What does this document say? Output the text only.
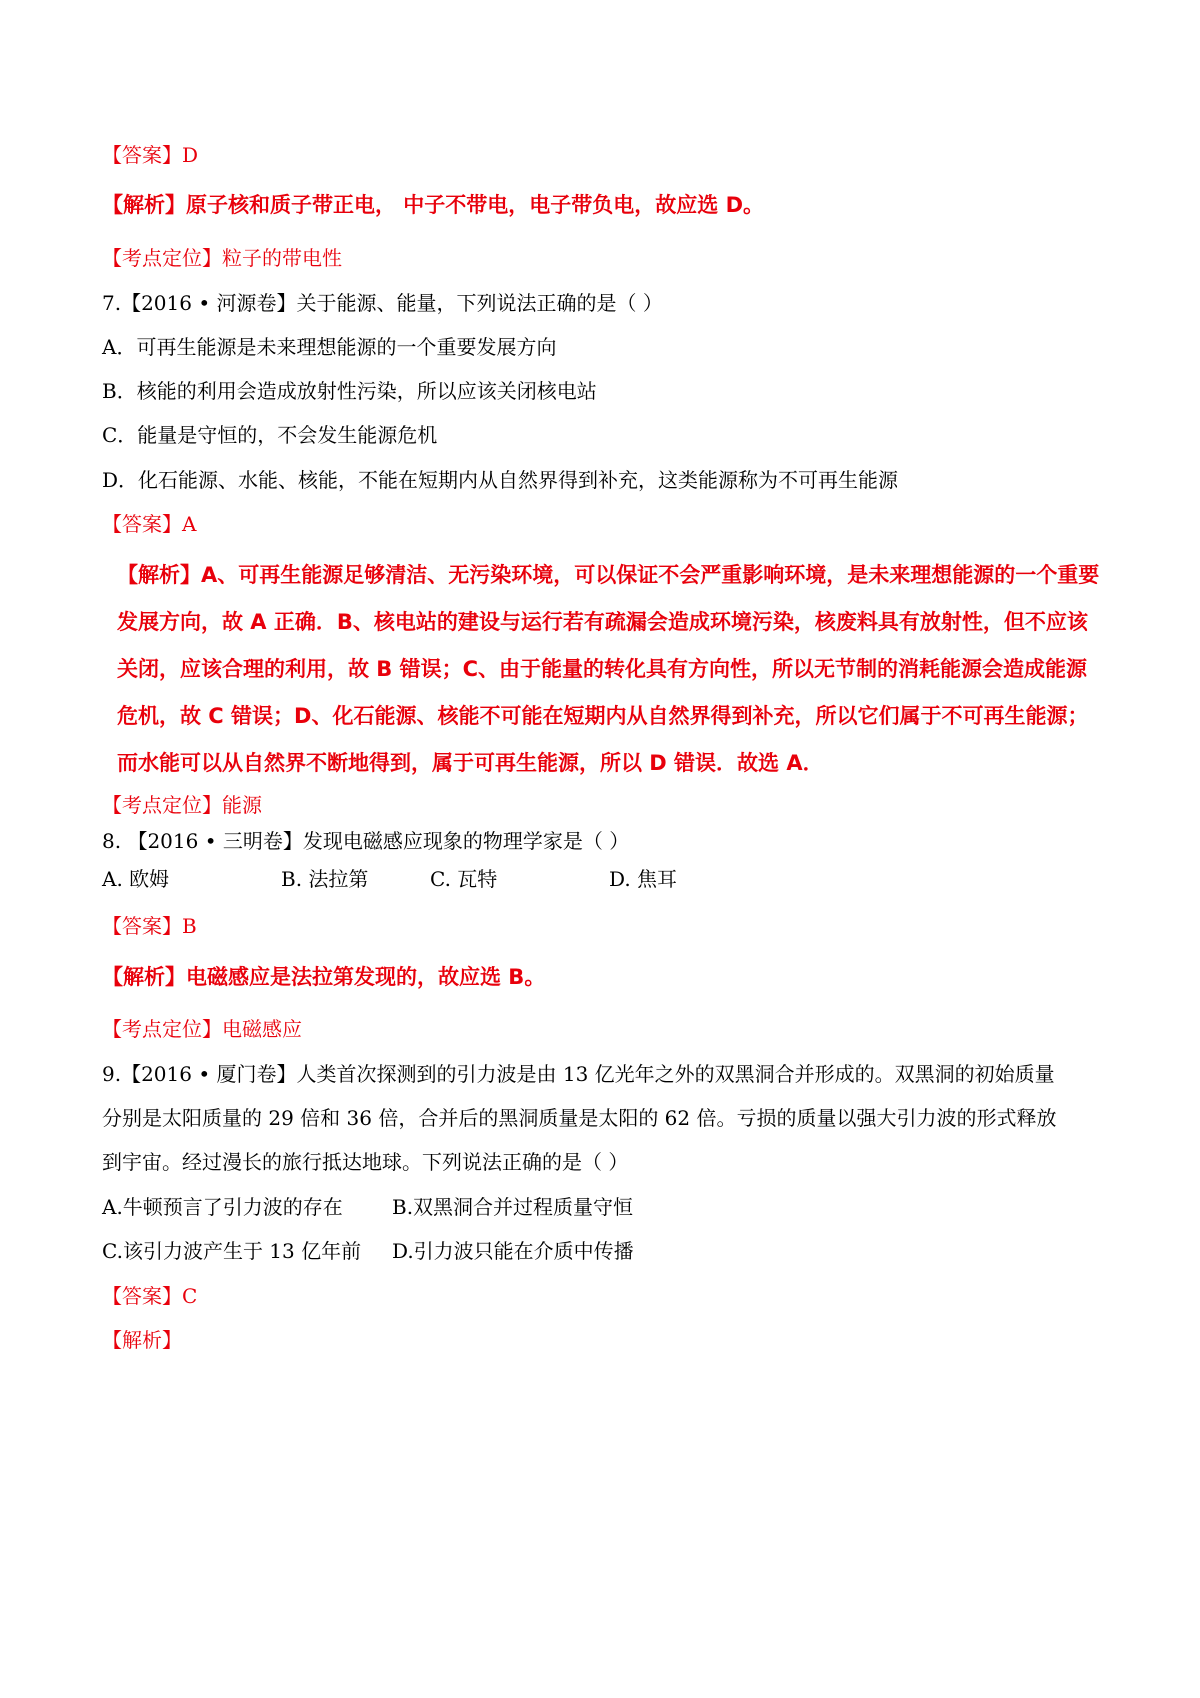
【答案】D
【解析】原子核和质子带正电， 中子不带电，电子带负电，故应选 D。
【考点定位】粒子的带电性
7.【2016 • 河源卷】关于能源、能量，下列说法正确的是（ ）
A．可再生能源是未来理想能源的一个重要发展方向
B．核能的利用会造成放射性污染，所以应该关闭核电站
C．能量是守恒的，不会发生能源危机
D．化石能源、水能、核能，不能在短期内从自然界得到补充，这类能源称为不可再生能源
【答案】A
【解析】A、可再生能源足够清洁、无污染环境，可以保证不会严重影响环境，是未来理想能源的一个重要发展方向，故 A 正确．B、核电站的建设与运行若有疏漏会造成环境污染，核废料具有放射性，但不应该关闭，应该合理的利用，故 B 错误；C、由于能量的转化具有方向性，所以无节制的消耗能源会造成能源危机，故 C 错误；D、化石能源、核能不可能在短期内从自然界得到补充，所以它们属于不可再生能源；而水能可以从自然界不断地得到，属于可再生能源，所以 D 错误．故选 A．
【考点定位】能源
8. 【2016 • 三明卷】发现电磁感应现象的物理学家是（ ）
A. 欧姆	B. 法拉第	C. 瓦特	D. 焦耳
【答案】B
【解析】电磁感应是法拉第发现的，故应选 B。
【考点定位】电磁感应
9.【2016 • 厦门卷】人类首次探测到的引力波是由 13 亿光年之外的双黑洞合并形成的。双黑洞的初始质量
分别是太阳质量的 29 倍和 36 倍，合并后的黑洞质量是太阳的 62 倍。亏损的质量以强大引力波的形式释放
到宇宙。经过漫长的旅行抵达地球。下列说法正确的是（ ）
A.牛顿预言了引力波的存在 B.双黑洞合并过程质量守恒
C.该引力波产生于 13 亿年前 D.引力波只能在介质中传播
【答案】C
【解析】
